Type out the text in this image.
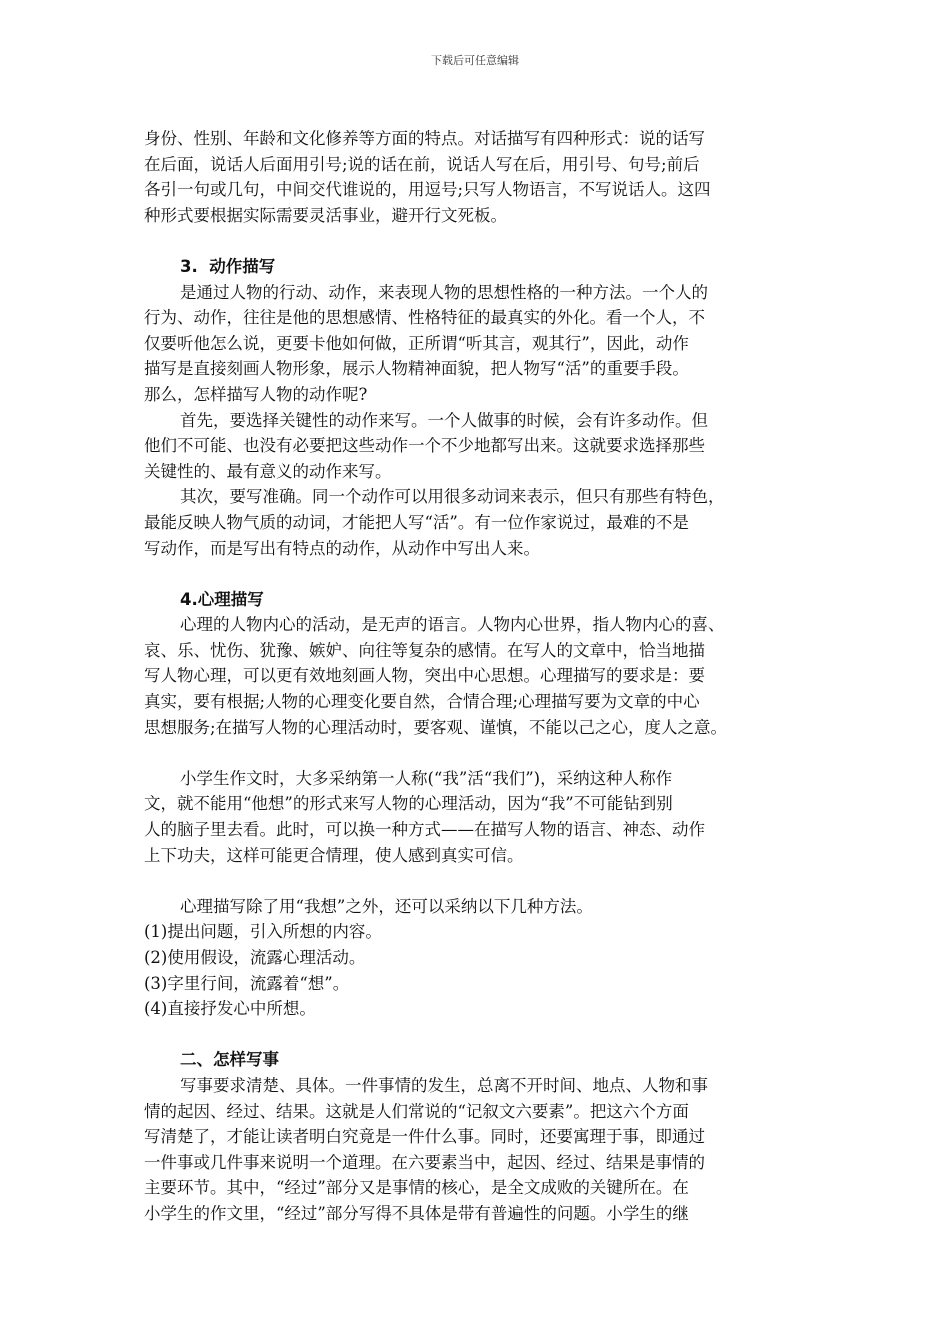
下载后可任意编辑
身份、性别、年龄和文化修养等方面的特点。对话描写有四种形式：说的话写
在后面，说话人后面用引号;说的话在前，说话人写在后，用引号、句号;前后
各引一句或几句，中间交代谁说的，用逗号;只写人物语言，不写说话人。这四
种形式要根据实际需要灵活事业，避开行文死板。
3.  动作描写
是通过人物的行动、动作，来表现人物的思想性格的一种方法。一个人的
行为、动作，往往是他的思想感情、性格特征的最真实的外化。看一个人，不
仅要听他怎么说，更要卡他如何做，正所谓“听其言，观其行”，因此，动作
描写是直接刻画人物形象，展示人物精神面貌，把人物写“活”的重要手段。
那么，怎样描写人物的动作呢?
首先，要选择关键性的动作来写。一个人做事的时候，会有许多动作。但
他们不可能、也没有必要把这些动作一个不少地都写出来。这就要求选择那些
关键性的、最有意义的动作来写。
其次，要写准确。同一个动作可以用很多动词来表示，但只有那些有特色，
最能反映人物气质的动词，才能把人写“活”。有一位作家说过，最难的不是
写动作，而是写出有特点的动作，从动作中写出人来。
4.心理描写
心理的人物内心的活动，是无声的语言。人物内心世界，指人物内心的喜、
哀、乐、忧伤、犹豫、嫉妒、向往等复杂的感情。在写人的文章中，恰当地描
写人物心理，可以更有效地刻画人物，突出中心思想。心理描写的要求是：要
真实，要有根据;人物的心理变化要自然，合情合理;心理描写要为文章的中心
思想服务;在描写人物的心理活动时，要客观、谨慎，不能以己之心，度人之意。
小学生作文时，大多采纳第一人称(“我”活“我们”)，采纳这种人称作
文，就不能用“他想”的形式来写人物的心理活动，因为“我”不可能钻到别
人的脑子里去看。此时，可以换一种方式——在描写人物的语言、神态、动作
上下功夫，这样可能更合情理，使人感到真实可信。
心理描写除了用“我想”之外，还可以采纳以下几种方法。
(1)提出问题，引入所想的内容。
(2)使用假设，流露心理活动。
(3)字里行间，流露着“想”。
(4)直接抒发心中所想。
二、怎样写事
写事要求清楚、具体。一件事情的发生，总离不开时间、地点、人物和事
情的起因、经过、结果。这就是人们常说的“记叙文六要素”。把这六个方面
写清楚了，才能让读者明白究竟是一件什么事。同时，还要寓理于事，即通过
一件事或几件事来说明一个道理。在六要素当中，起因、经过、结果是事情的
主要环节。其中，“经过”部分又是事情的核心，是全文成败的关键所在。在
小学生的作文里，“经过”部分写得不具体是带有普遍性的问题。小学生的继
